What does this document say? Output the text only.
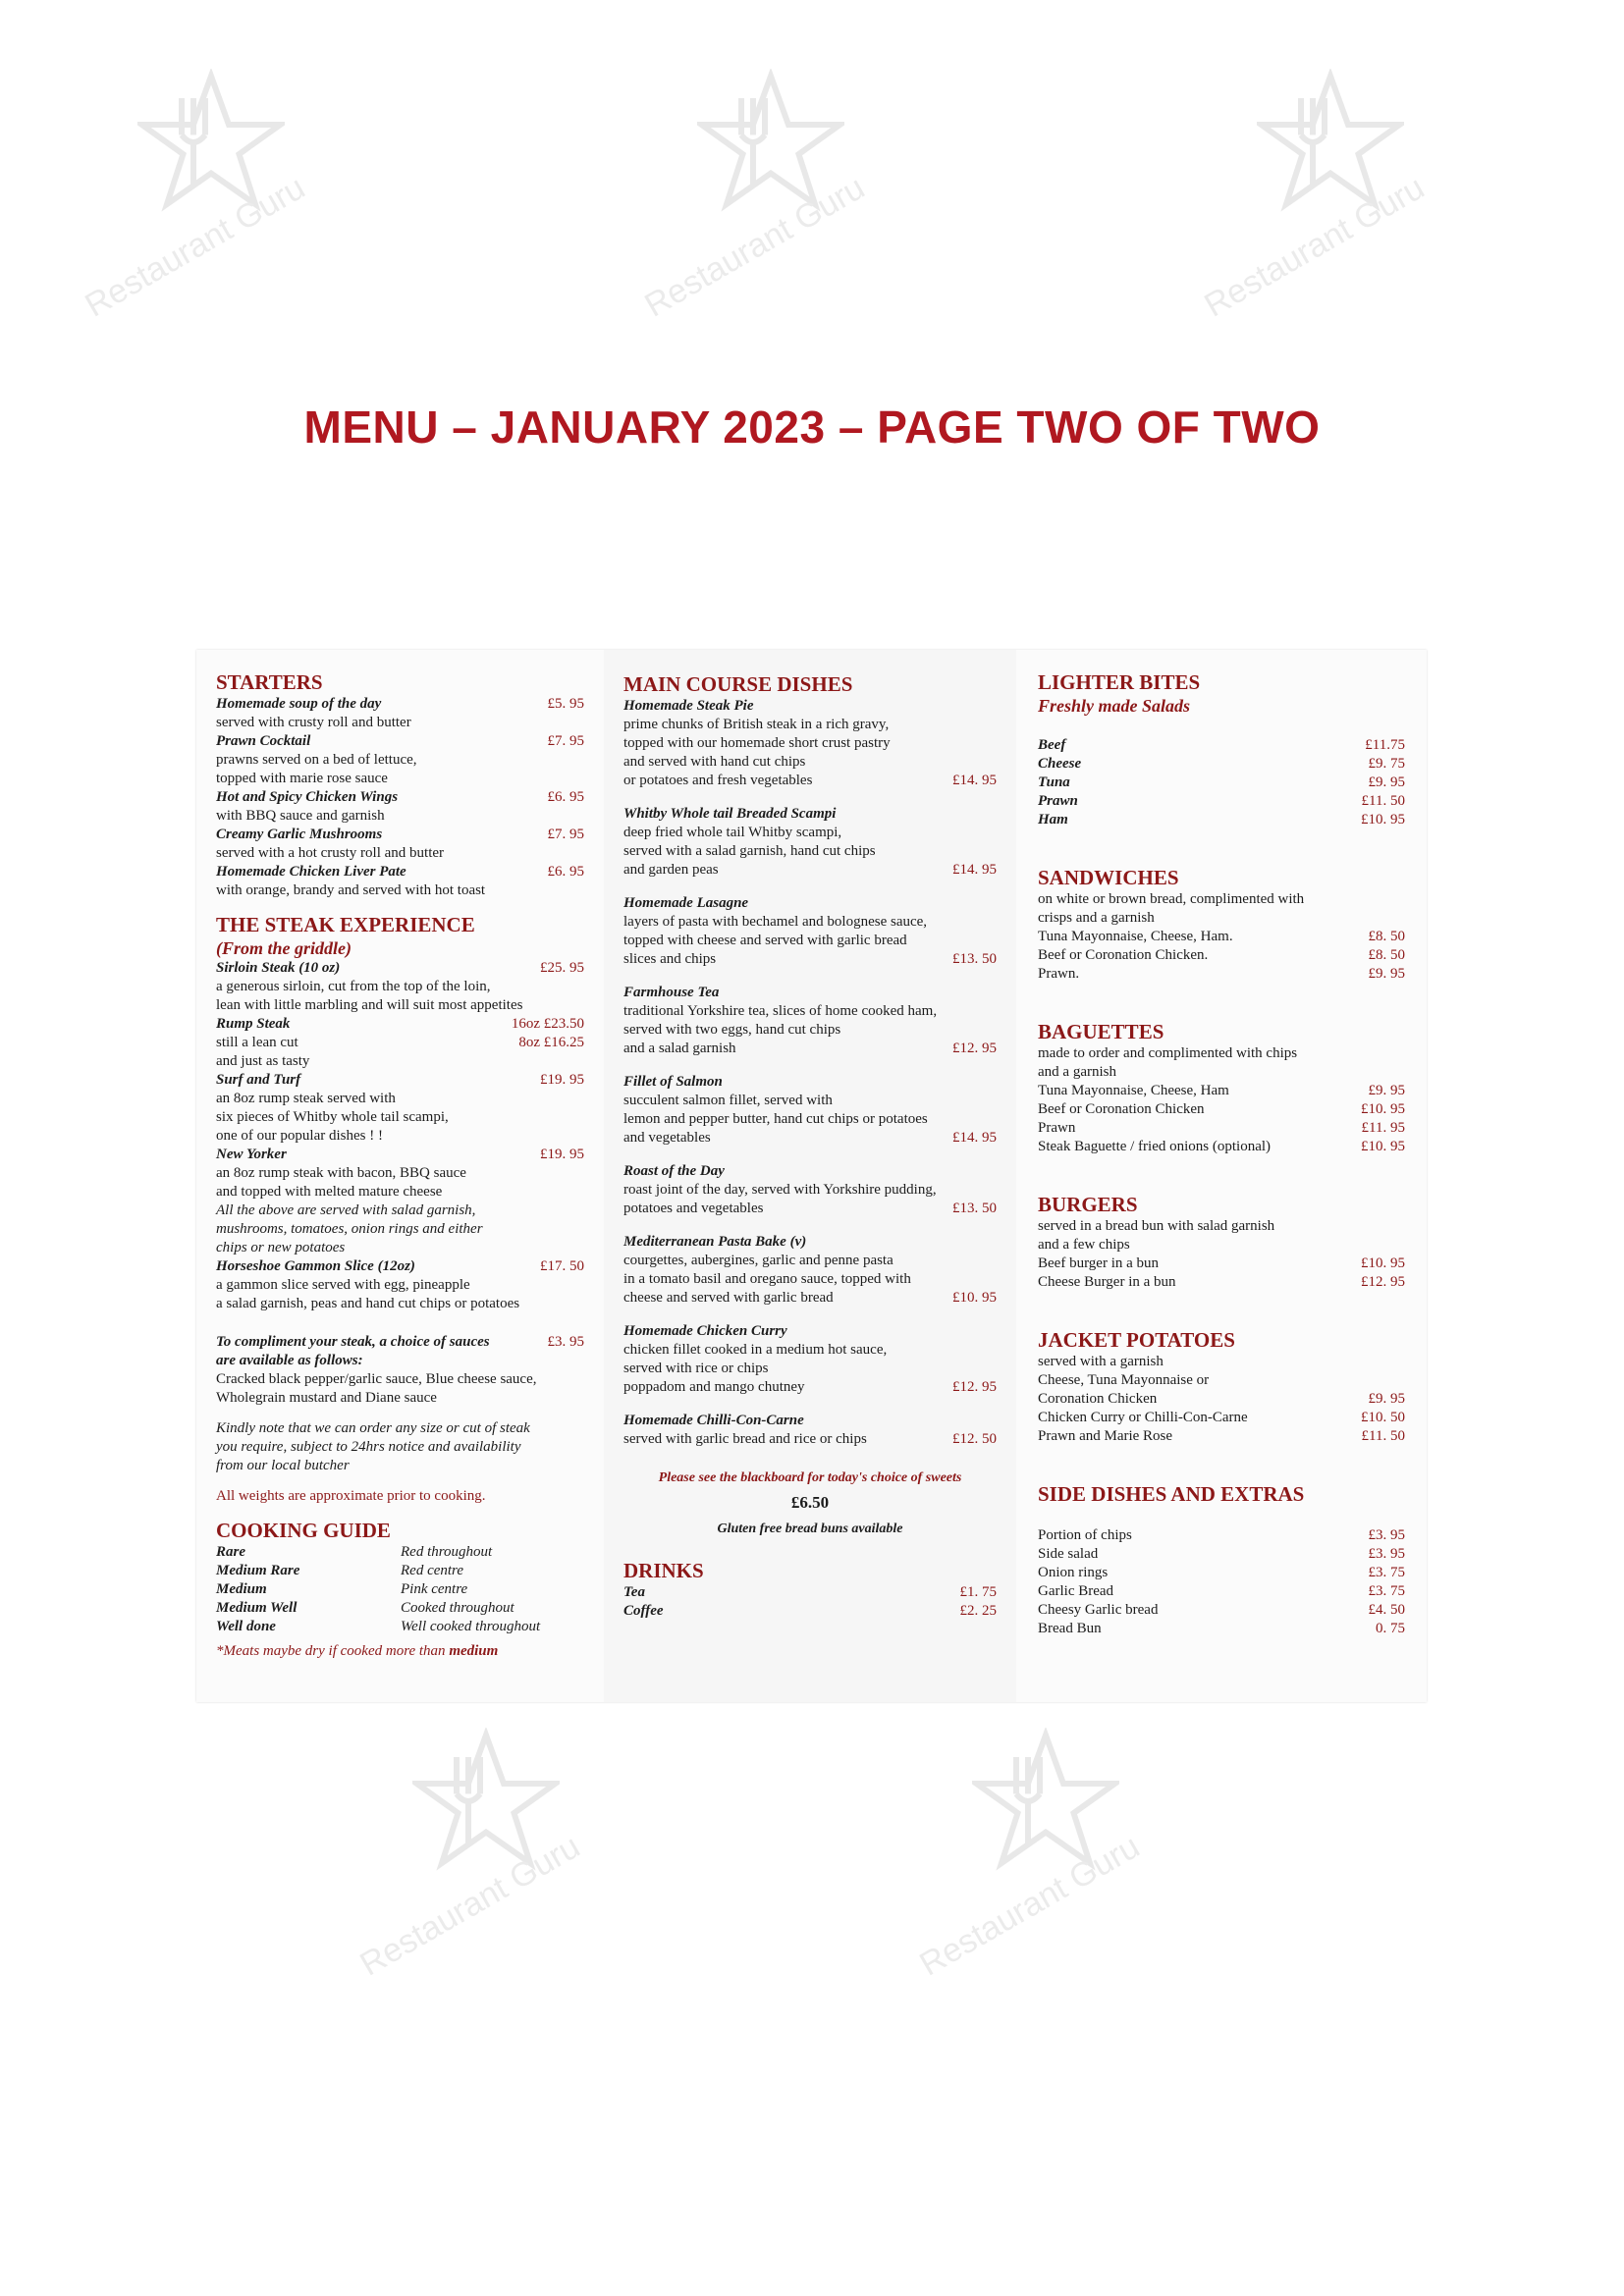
Restaurant Guru	Restaurant Guru	Restaurant Guru
Restaurant Guru	Restaurant Guru
MENU – JANUARY 2023 – PAGE TWO OF TWO
STARTERS
Homemade soup of the day	£5. 95
served with crusty roll and butter
Prawn Cocktail	£7. 95
prawns served on a bed of lettuce,
topped with marie rose sauce
Hot and Spicy Chicken Wings	£6. 95
with BBQ sauce and garnish
Creamy Garlic Mushrooms	£7. 95
served with a hot crusty roll and butter
Homemade Chicken Liver Pate	£6. 95
with orange, brandy and served with hot toast
THE STEAK EXPERIENCE
(From the griddle)
Sirloin Steak (10 oz)	£25. 95
a generous sirloin, cut from the top of the loin,
lean with little marbling and will suit most appetites
Rump Steak	16oz £23.50
still a lean cut	8oz £16.25
and just as tasty
Surf and Turf	£19. 95
an 8oz rump steak served with
six pieces of Whitby whole tail scampi,
one of our popular dishes ! !
New Yorker	£19. 95
an 8oz rump steak with bacon, BBQ sauce
and topped with melted mature cheese
All the above are served with salad garnish,
mushrooms, tomatoes, onion rings and either
chips or new potatoes
Horseshoe Gammon Slice (12oz)	£17. 50
a gammon slice served with egg, pineapple
a salad garnish, peas and hand cut chips or potatoes
To compliment your steak, a choice of sauces	£3. 95
are available as follows:
Cracked black pepper/garlic sauce, Blue cheese sauce,
Wholegrain mustard and Diane sauce
Kindly note that we can order any size or cut of steak
you require, subject to 24hrs notice and availability
from our local butcher
All weights are approximate prior to cooking.
COOKING GUIDE
Rare	Red throughout
Medium Rare	Red centre
Medium	Pink centre
Medium Well	Cooked throughout
Well done	Well cooked throughout
*Meats maybe dry if cooked more than medium
MAIN COURSE DISHES
Homemade Steak Pie
prime chunks of British steak in a rich gravy,
topped with our homemade short crust pastry
and served with hand cut chips
or potatoes and fresh vegetables	£14. 95
Whitby Whole tail Breaded Scampi
deep fried whole tail Whitby scampi,
served with a salad garnish, hand cut chips
and garden peas	£14. 95
Homemade Lasagne
layers of pasta with bechamel and bolognese sauce,
topped with cheese and served with garlic bread
slices and chips	£13. 50
Farmhouse Tea
traditional Yorkshire tea, slices of home cooked ham,
served with two eggs, hand cut chips
and a salad garnish	£12. 95
Fillet of Salmon
succulent salmon fillet, served with
lemon and pepper butter, hand cut chips or potatoes
and vegetables	£14. 95
Roast of the Day
roast joint of the day, served with Yorkshire pudding,
potatoes and vegetables	£13. 50
Mediterranean Pasta Bake (v)
courgettes, aubergines, garlic and penne pasta
in a tomato basil and oregano sauce, topped with
cheese and served with garlic bread	£10. 95
Homemade Chicken Curry
chicken fillet cooked in a medium hot sauce,
served with rice or chips
poppadom and mango chutney	£12. 95
Homemade Chilli-Con-Carne
served with garlic bread and rice or chips	£12. 50
Please see the blackboard for today's choice of sweets
£6.50
Gluten free bread buns available
DRINKS
Tea	£1. 75
Coffee	£2. 25
LIGHTER BITES
Freshly made Salads
Beef	£11.75
Cheese	£9. 75
Tuna	£9. 95
Prawn	£11. 50
Ham	£10. 95
SANDWICHES
on white or brown bread, complimented with
crisps and a garnish
Tuna Mayonnaise, Cheese, Ham.	£8. 50
Beef or Coronation Chicken.	£8. 50
Prawn.	£9. 95
BAGUETTES
made to order and complimented with chips
and a garnish
Tuna Mayonnaise, Cheese, Ham	£9. 95
Beef or Coronation Chicken	£10. 95
Prawn	£11. 95
Steak Baguette / fried onions (optional)	£10. 95
BURGERS
served in a bread bun with salad garnish
and a few chips
Beef burger in a bun	£10. 95
Cheese Burger in a bun	£12. 95
JACKET POTATOES
served with a garnish
Cheese, Tuna Mayonnaise or
Coronation Chicken	£9. 95
Chicken Curry or Chilli-Con-Carne	£10. 50
Prawn and Marie Rose	£11. 50
SIDE DISHES AND EXTRAS
Portion of chips	£3. 95
Side salad	£3. 95
Onion rings	£3. 75
Garlic Bread	£3. 75
Cheesy Garlic bread	£4. 50
Bread Bun	0. 75
